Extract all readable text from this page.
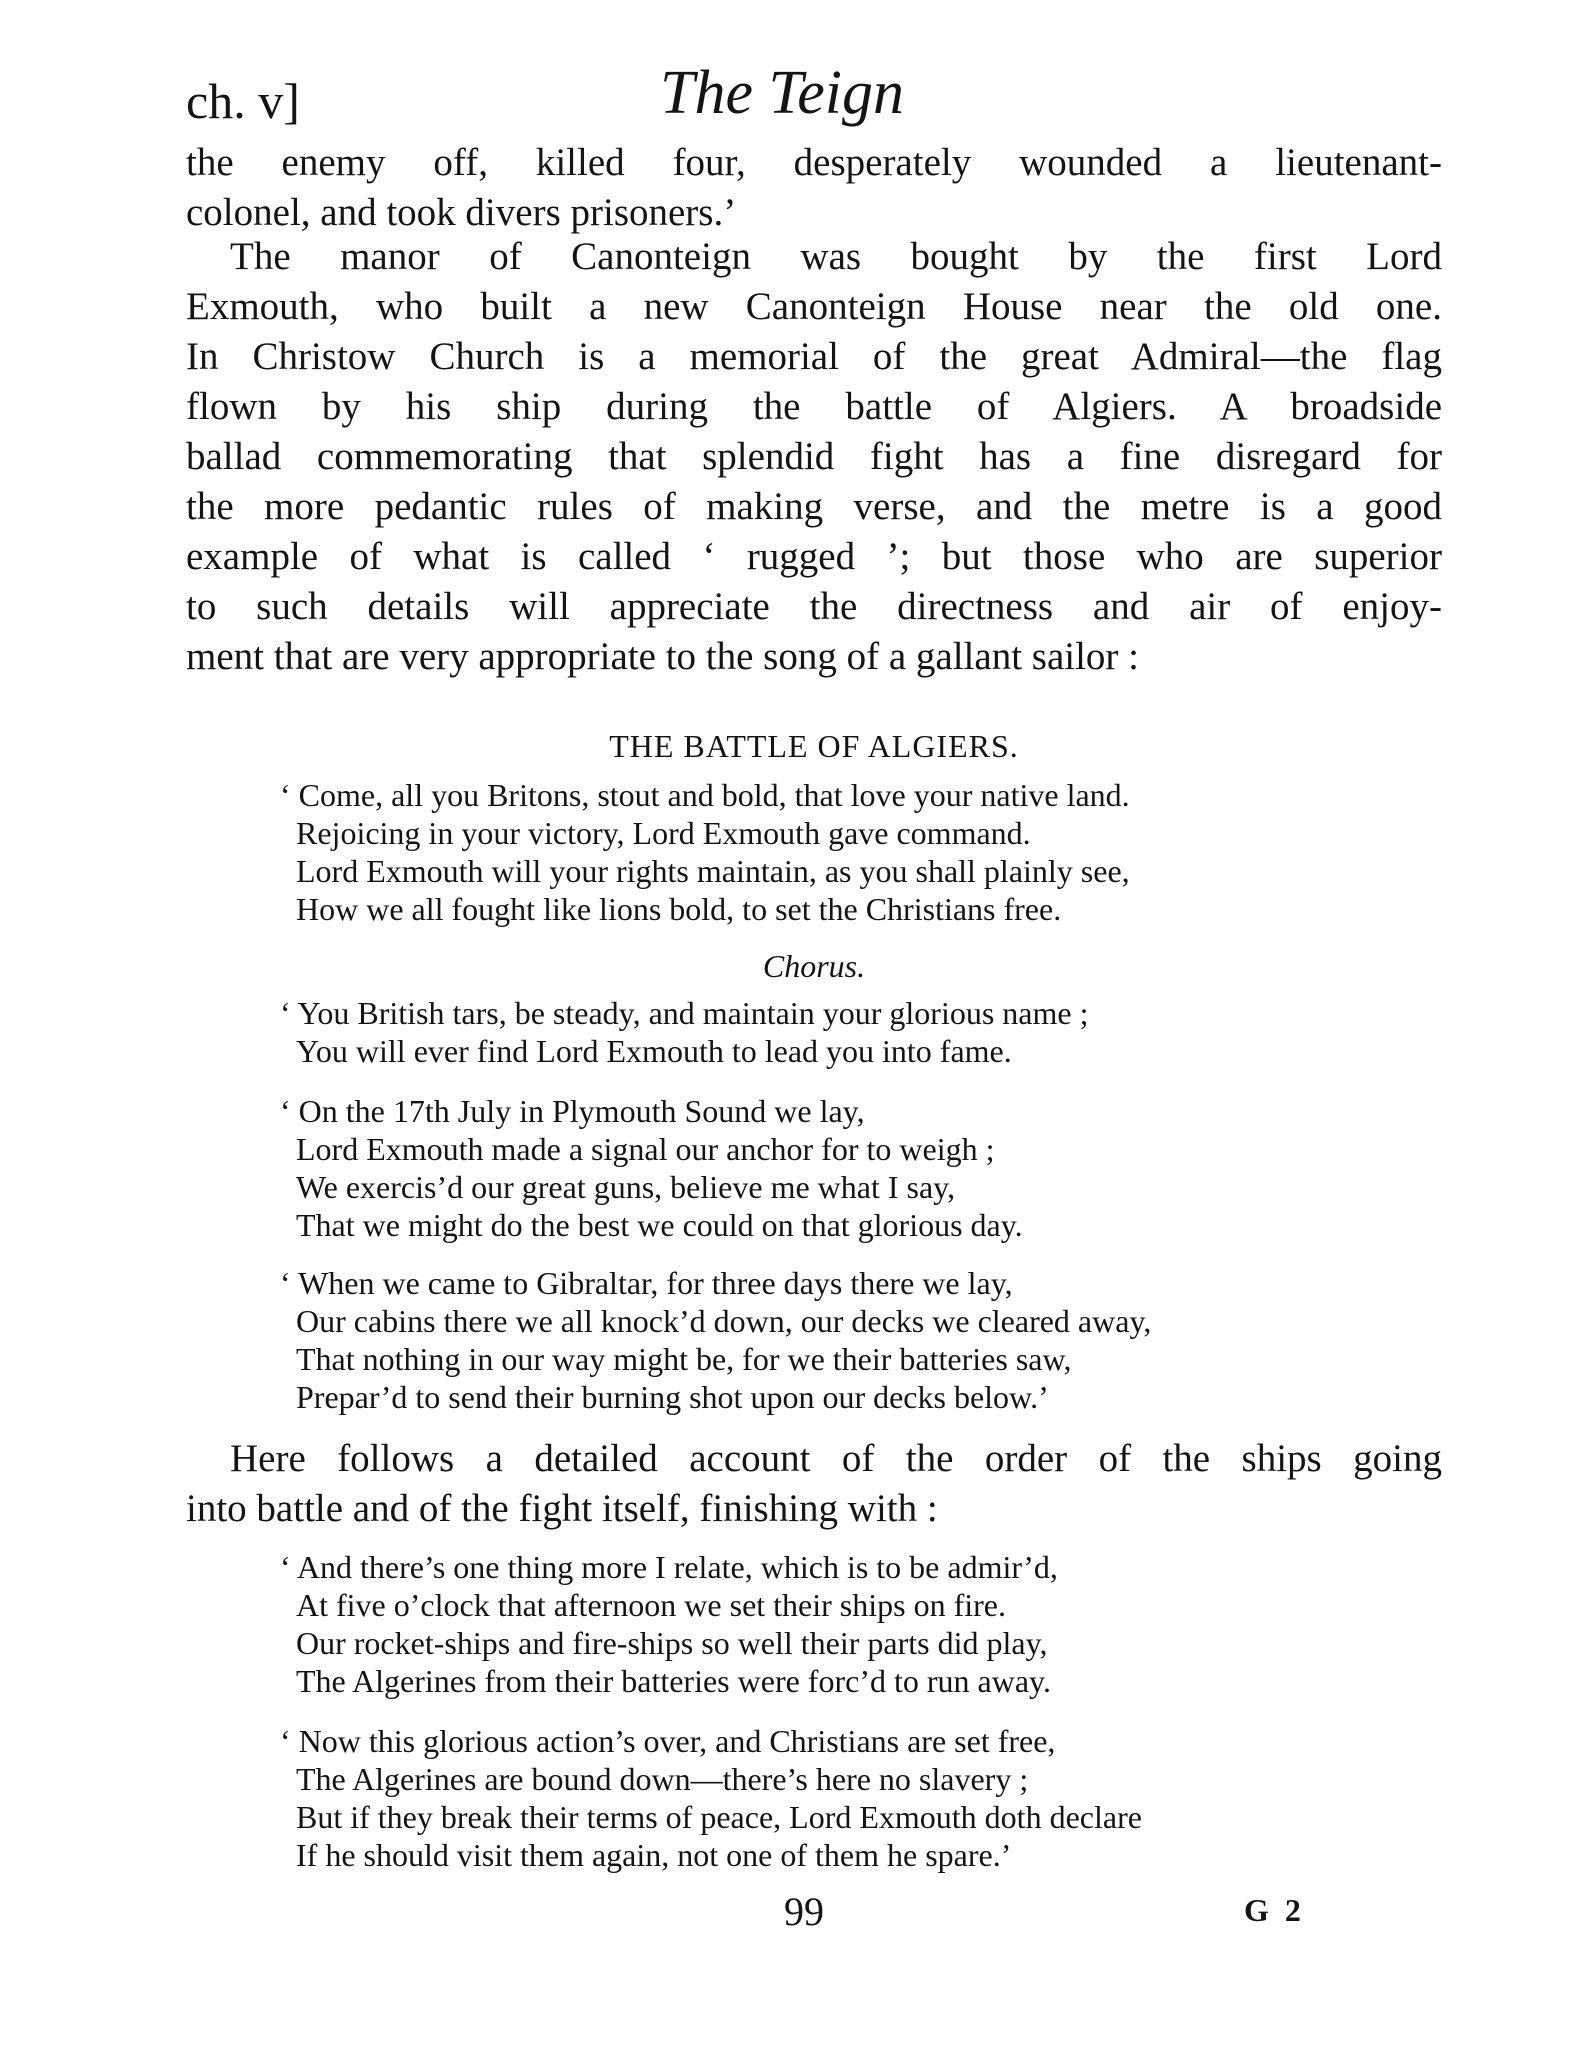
ch. v]	The Teign
the enemy off, killed four, desperately wounded a lieutenant-
colonel, and took divers prisoners.’
The manor of Canonteign was bought by the first Lord
Exmouth, who built a new Canonteign House near the old one.
In Christow Church is a memorial of the great Admiral—the flag
flown by his ship during the battle of Algiers. A broadside
ballad commemorating that splendid fight has a fine disregard for
the more pedantic rules of making verse, and the metre is a good
example of what is called ‘ rugged ’; but those who are superior
to such details will appreciate the directness and air of enjoy-
ment that are very appropriate to the song of a gallant sailor :
THE BATTLE OF ALGIERS.
‘ Come, all you Britons, stout and bold, that love your native land.
Rejoicing in your victory, Lord Exmouth gave command.
Lord Exmouth will your rights maintain, as you shall plainly see,
How we all fought like lions bold, to set the Christians free.
Chorus.
‘ You British tars, be steady, and maintain your glorious name ;
You will ever find Lord Exmouth to lead you into fame.
‘ On the 17th July in Plymouth Sound we lay,
Lord Exmouth made a signal our anchor for to weigh ;
We exercis’d our great guns, believe me what I say,
That we might do the best we could on that glorious day.
‘ When we came to Gibraltar, for three days there we lay,
Our cabins there we all knock’d down, our decks we cleared away,
That nothing in our way might be, for we their batteries saw,
Prepar’d to send their burning shot upon our decks below.’
Here follows a detailed account of the order of the ships going
into battle and of the fight itself, finishing with :
‘ And there’s one thing more I relate, which is to be admir’d,
At five o’clock that afternoon we set their ships on fire.
Our rocket-ships and fire-ships so well their parts did play,
The Algerines from their batteries were forc’d to run away.
‘ Now this glorious action’s over, and Christians are set free,
The Algerines are bound down—there’s here no slavery ;
But if they break their terms of peace, Lord Exmouth doth declare
If he should visit them again, not one of them he spare.’
99	G 2
